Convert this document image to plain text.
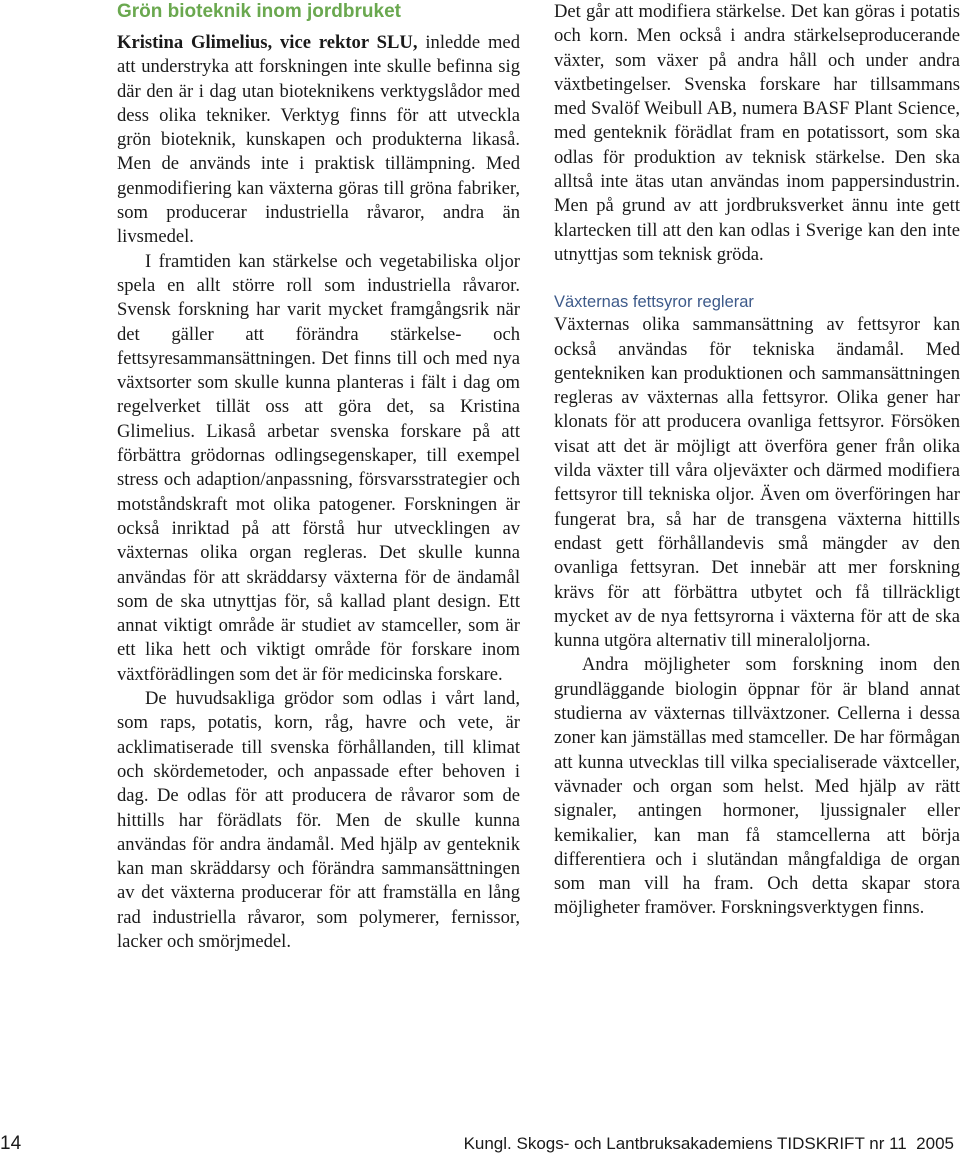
Grön bioteknik inom jordbruket

Kristina Glimelius, vice rektor SLU, inledde med att understryka att forskningen inte skulle befinna sig där den är i dag utan bioteknikens verktygslådor med dess olika tekniker. Verktyg finns för att utveckla grön bioteknik, kunskapen och produkterna likaså. Men de används inte i praktisk tillämpning. Med genmodifiering kan växterna göras till gröna fabriker, som producerar industriella råvaror, andra än livsmedel.

I framtiden kan stärkelse och vegetabiliska oljor spela en allt större roll som industriella råvaror. Svensk forskning har varit mycket framgångsrik när det gäller att förändra stärkelse- och fettsyresammansättningen. Det finns till och med nya växtsorter som skulle kunna planteras i fält i dag om regelverket tillät oss att göra det, sa Kristina Glimelius. Likaså arbetar svenska forskare på att förbättra grödornas odlingsegenskaper, till exempel stress och adaption/anpassning, försvarsstrategier och motståndskraft mot olika patogener. Forskningen är också inriktad på att förstå hur utvecklingen av växternas olika organ regleras. Det skulle kunna användas för att skräddarsy växterna för de ändamål som de ska utnyttjas för, så kallad plant design. Ett annat viktigt område är studiet av stamceller, som är ett lika hett och viktigt område för forskare inom växtförädlingen som det är för medicinska forskare.

De huvudsakliga grödor som odlas i vårt land, som raps, potatis, korn, råg, havre och vete, är acklimatiserade till svenska förhållanden, till klimat och skördemetoder, och anpassade efter behoven i dag. De odlas för att producera de råvaror som de hittills har förädlats för. Men de skulle kunna användas för andra ändamål. Med hjälp av genteknik kan man skräddarsy och förändra sammansättningen av det växterna producerar för att framställa en lång rad industriella råvaror, som polymerer, fernissor, lacker och smörjmedel.

Det går att modifiera stärkelse. Det kan göras i potatis och korn. Men också i andra stärkelseproducerande växter, som växer på andra håll och under andra växtbetingelser. Svenska forskare har tillsammans med Svalöf Weibull AB, numera BASF Plant Science, med genteknik förädlat fram en potatissort, som ska odlas för produktion av teknisk stärkelse. Den ska alltså inte ätas utan användas inom pappersindustrin. Men på grund av att jordbruksverket ännu inte gett klartecken till att den kan odlas i Sverige kan den inte utnyttjas som teknisk gröda.

Växternas fettsyror reglerar

Växternas olika sammansättning av fettsyror kan också användas för tekniska ändamål. Med gentekniken kan produktionen och sammansättningen regleras av växternas alla fettsyror. Olika gener har klonats för att producera ovanliga fettsyror. Försöken visat att det är möjligt att överföra gener från olika vilda växter till våra oljeväxter och därmed modifiera fettsyror till tekniska oljor. Även om överföringen har fungerat bra, så har de transgena växterna hittills endast gett förhållandevis små mängder av den ovanliga fettsyran. Det innebär att mer forskning krävs för att förbättra utbytet och få tillräckligt mycket av de nya fettsyrorna i växterna för att de ska kunna utgöra alternativ till mineraloljorna.

Andra möjligheter som forskning inom den grundläggande biologin öppnar för är bland annat studierna av växternas tillväxtzoner. Cellerna i dessa zoner kan jämställas med stamceller. De har förmågan att kunna utvecklas till vilka specialiserade växtceller, vävnader och organ som helst. Med hjälp av rätt signaler, antingen hormoner, ljussignaler eller kemikalier, kan man få stamcellerna att börja differentiera och i slutändan mångfaldiga de organ som man vill ha fram. Och detta skapar stora möjligheter framöver. Forskningsverktygen finns.

14	Kungl. Skogs- och Lantbruksakademiens TIDSKRIFT nr 11  2005
